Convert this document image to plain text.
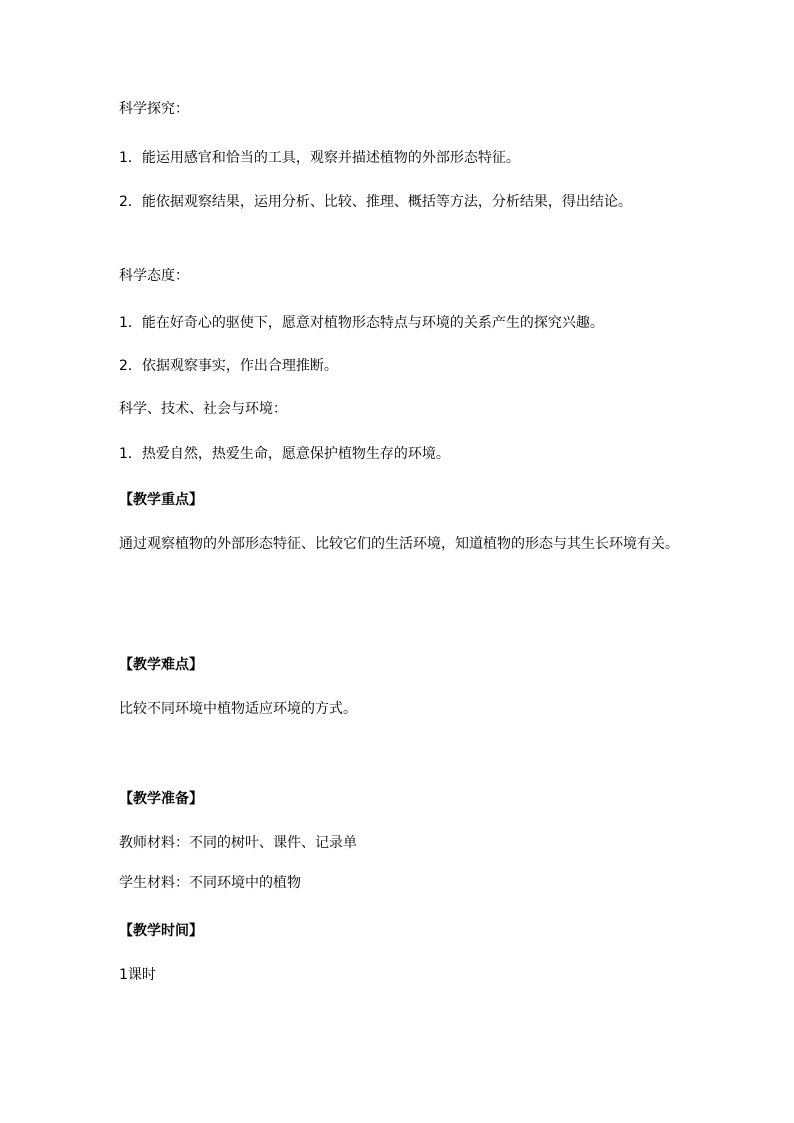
科学探究：
1．能运用感官和恰当的工具，观察并描述植物的外部形态特征。
2．能依据观察结果，运用分析、比较、推理、概括等方法，分析结果，得出结论。
科学态度：
1．能在好奇心的驱使下，愿意对植物形态特点与环境的关系产生的探究兴趣。
2．依据观察事实，作出合理推断。
科学、技术、社会与环境：
1．热爱自然，热爱生命，愿意保护植物生存的环境。
【教学重点】
通过观察植物的外部形态特征、比较它们的生活环境，知道植物的形态与其生长环境有关。
【教学难点】
比较不同环境中植物适应环境的方式。
【教学准备】
教师材料：不同的树叶、课件、记录单
学生材料：不同环境中的植物
【教学时间】
1课时
